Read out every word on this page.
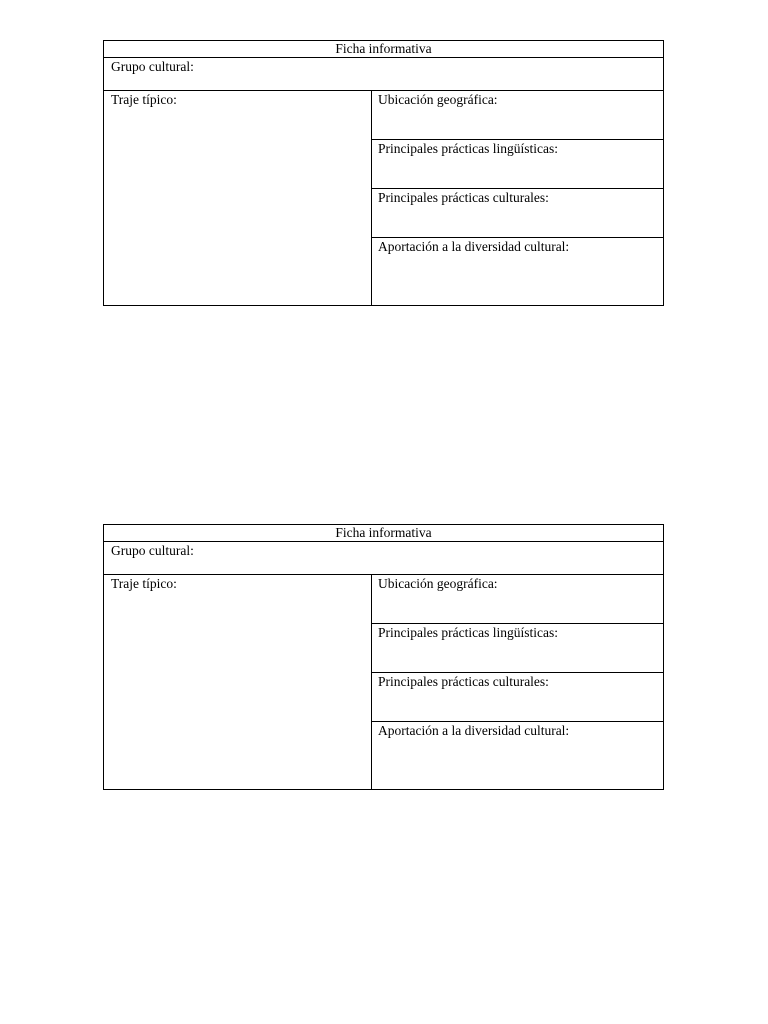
Ficha informativa
Grupo cultural:
Traje típico:	Ubicación geográfica:
Principales prácticas lingüísticas:
Principales prácticas culturales:
Aportación a la diversidad cultural:
Ficha informativa
Grupo cultural:
Traje típico:	Ubicación geográfica:
Principales prácticas lingüísticas:
Principales prácticas culturales:
Aportación a la diversidad cultural:
